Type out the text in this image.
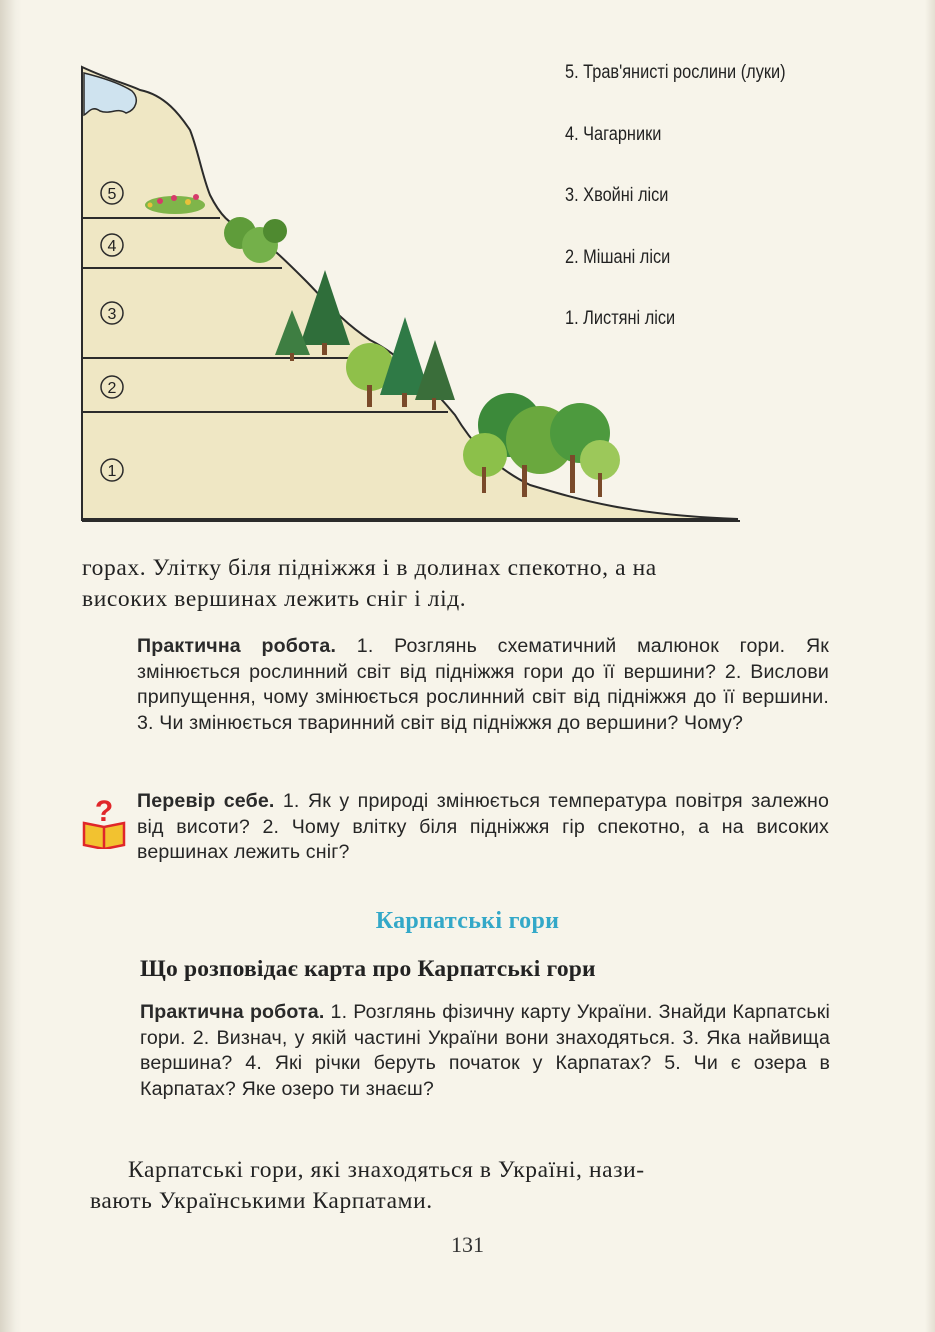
5
4
3
2
1
5. Трав'янисті рослини (луки)
4. Чагарники
3. Хвойні ліси
2. Мішані ліси
1. Листяні ліси
горах. Улітку біля підніжжя і в долинах спекотно, а на
високих вершинах лежить сніг і лід.
Практична робота. 1. Розглянь схематичний малюнок гори. Як змінюється рослинний світ від підніжжя гори до її вершини? 2. Вислови припущення, чому змінюється рослинний світ від підніжжя до її вершини. 3. Чи змінюється тваринний світ від підніжжя до вершини? Чому?
? Перевір себе. 1. Як у природі змінюється температура повітря залежно від висоти? 2. Чому влітку біля підніжжя гір спекотно, а на високих вершинах лежить сніг?
Карпатські гори
Що розповідає карта про Карпатські гори
Практична робота. 1. Розглянь фізичну карту України. Знайди Карпатські гори. 2. Визнач, у якій частині України вони знаходяться. 3. Яка найвища вершина? 4. Які річки беруть початок у Карпатах? 5. Чи є озера в Карпатах? Яке озеро ти знаєш?
Карпатські гори, які знаходяться в Україні, нази-
вають Українськими Карпатами.
131
